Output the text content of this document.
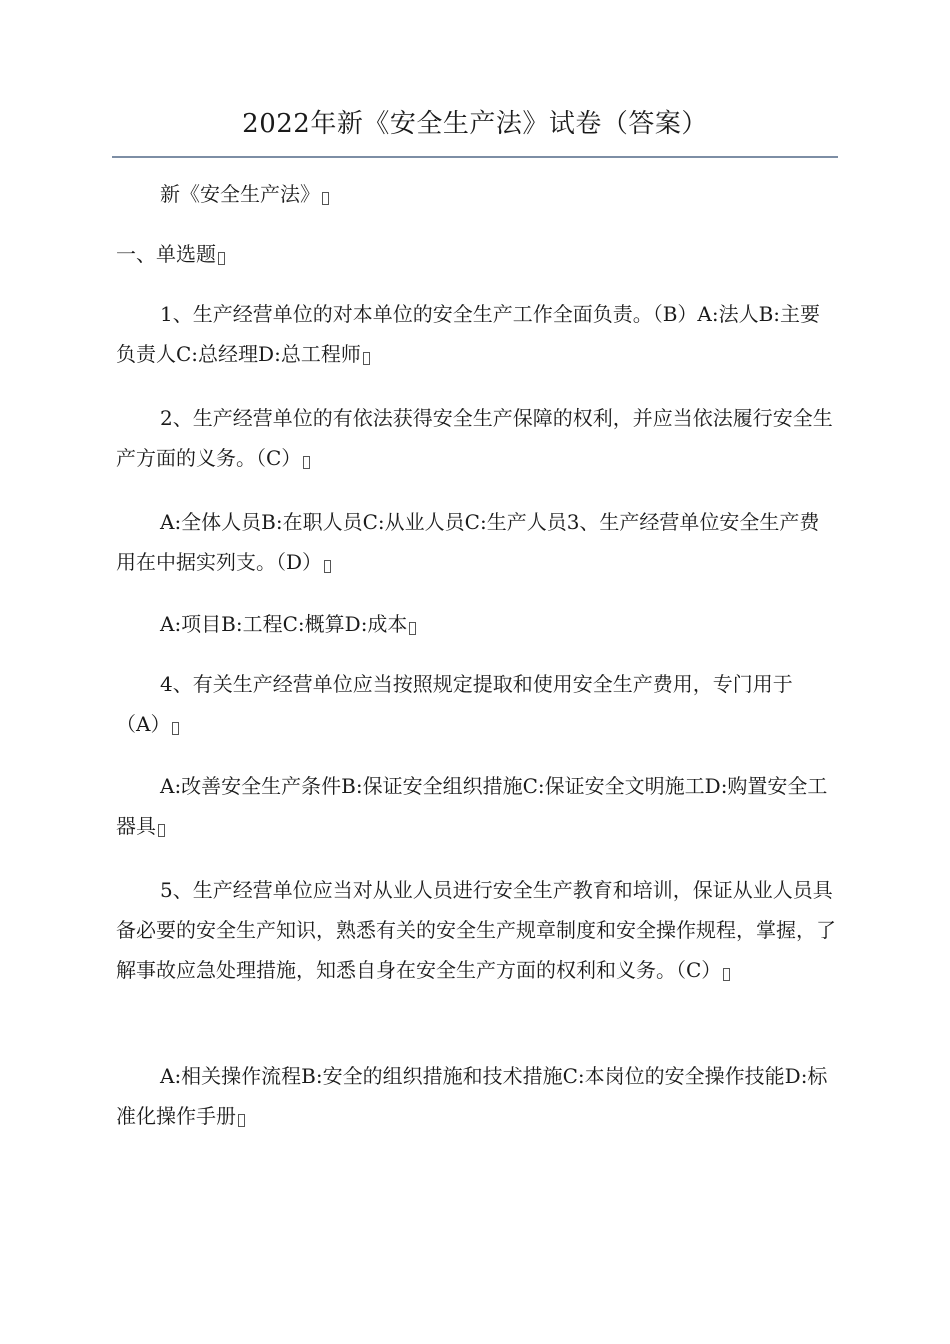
2022年新《安全生产法》试卷（答案）

新《安全生产法》

一、单选题

1、生产经营单位的对本单位的安全生产工作全面负责。（B）A:法人B:主要负责人C:总经理D:总工程师

2、生产经营单位的有依法获得安全生产保障的权利，并应当依法履行安全生产方面的义务。（C）

A:全体人员B:在职人员C:从业人员C:生产人员3、生产经营单位安全生产费用在中据实列支。（D）

A:项目B:工程C:概算D:成本

4、有关生产经营单位应当按照规定提取和使用安全生产费用，专门用于（A）

A:改善安全生产条件B:保证安全组织措施C:保证安全文明施工D:购置安全工器具

5、生产经营单位应当对从业人员进行安全生产教育和培训，保证从业人员具备必要的安全生产知识，熟悉有关的安全生产规章制度和安全操作规程，掌握，了解事故应急处理措施，知悉自身在安全生产方面的权利和义务。（C）

A:相关操作流程B:安全的组织措施和技术措施C:本岗位的安全操作技能D:标准化操作手册
